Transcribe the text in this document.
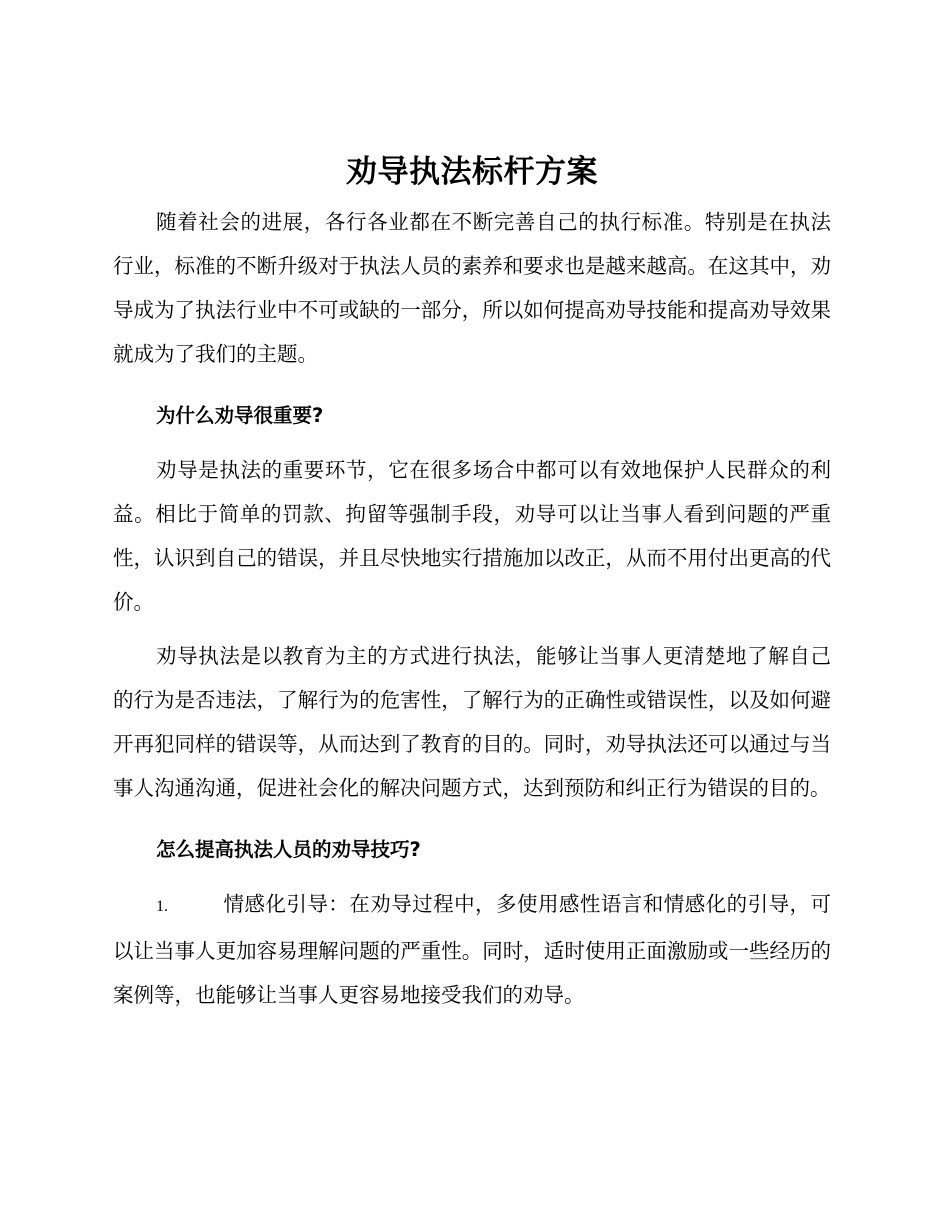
劝导执法标杆方案

随着社会的进展，各行各业都在不断完善自己的执行标准。特别是在执法行业，标准的不断升级对于执法人员的素养和要求也是越来越高。在这其中，劝导成为了执法行业中不可或缺的一部分，所以如何提高劝导技能和提高劝导效果就成为了我们的主题。

为什么劝导很重要?

劝导是执法的重要环节，它在很多场合中都可以有效地保护人民群众的利益。相比于简单的罚款、拘留等强制手段，劝导可以让当事人看到问题的严重性，认识到自己的错误，并且尽快地实行措施加以改正，从而不用付出更高的代价。

劝导执法是以教育为主的方式进行执法，能够让当事人更清楚地了解自己的行为是否违法，了解行为的危害性，了解行为的正确性或错误性，以及如何避开再犯同样的错误等，从而达到了教育的目的。同时，劝导执法还可以通过与当事人沟通沟通，促进社会化的解决问题方式，达到预防和纠正行为错误的目的。

怎么提高执法人员的劝导技巧?

1.	情感化引导：在劝导过程中，多使用感性语言和情感化的引导，可以让当事人更加容易理解问题的严重性。同时，适时使用正面激励或一些经历的案例等，也能够让当事人更容易地接受我们的劝导。
